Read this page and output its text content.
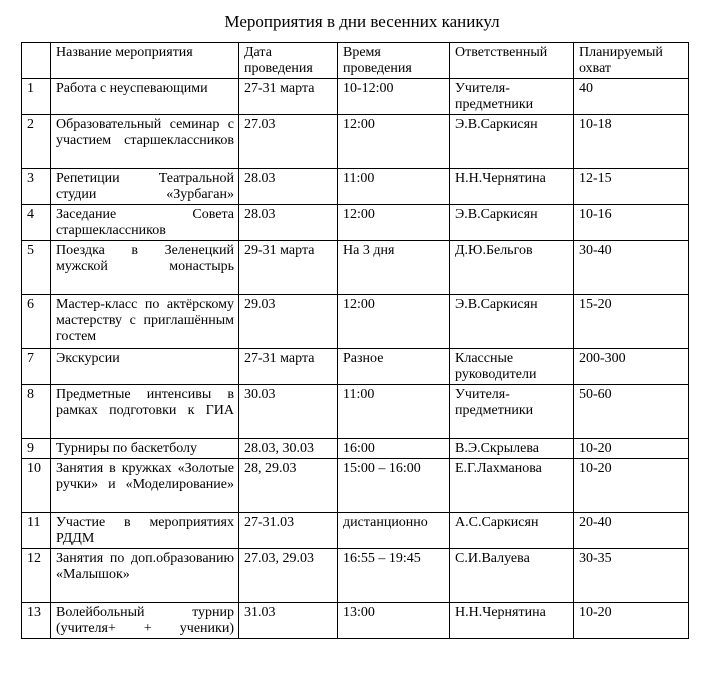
Мероприятия в дни весенних каникул
	Название мероприятия	Дата проведения	Время проведения	Ответственный	Планируемый охват
1	Работа с неуспевающими	27-31 марта	10-12:00	Учителя-предметники	40
2	Образовательный семинар с участием старшеклассников	27.03	12:00	Э.В.Саркисян	10-18
3	Репетиции Театральной студии «Зурбаган»	28.03	11:00	Н.Н.Чернятина	12-15
4	Заседание Совета старшеклассников	28.03	12:00	Э.В.Саркисян	10-16
5	Поездка в Зеленецкий мужской монастырь	29-31 марта	На 3 дня	Д.Ю.Бельгов	30-40
6	Мастер-класс по актёрскому мастерству с приглашённым гостем	29.03	12:00	Э.В.Саркисян	15-20
7	Экскурсии	27-31 марта	Разное	Классные руководители	200-300
8	Предметные интенсивы в рамках подготовки к ГИА	30.03	11:00	Учителя-предметники	50-60
9	Турниры по баскетболу	28.03, 30.03	16:00	В.Э.Скрылева	10-20
10	Занятия в кружках «Золотые ручки» и «Моделирование»	28, 29.03	15:00 – 16:00	Е.Г.Лахманова	10-20
11	Участие в мероприятиях РДДМ	27-31.03	дистанционно	А.С.Саркисян	20-40
12	Занятия по доп.образованию «Малышок»	27.03, 29.03	16:55 – 19:45	С.И.Валуева	30-35
13	Волейбольный турнир (учителя+ + ученики)	31.03	13:00	Н.Н.Чернятина	10-20
